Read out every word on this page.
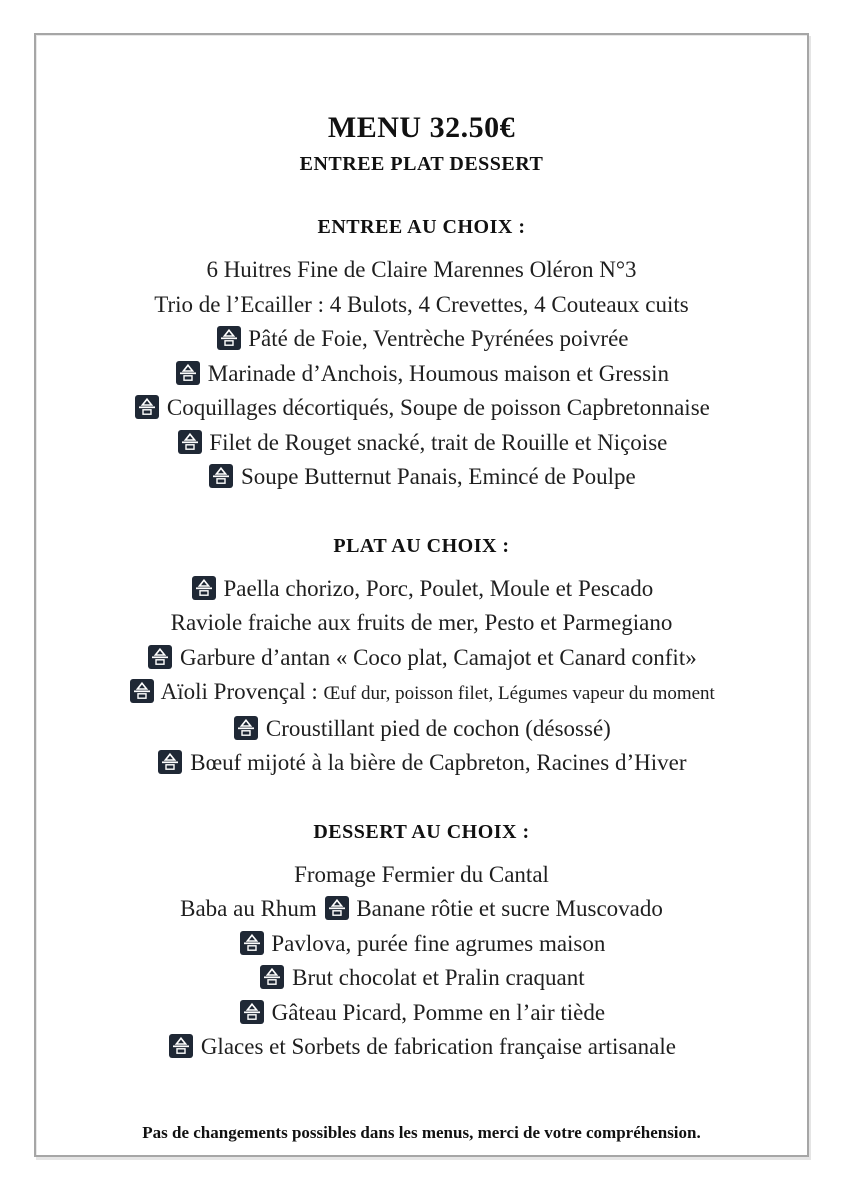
MENU 32.50€
ENTREE PLAT DESSERT
ENTREE AU CHOIX :

6 Huitres Fine de Claire Marennes Oléron N°3

Trio de l’Ecailler : 4 Bulots, 4 Crevettes, 4 Couteaux cuits

Pâté de Foie, Ventrèche Pyrénées poivrée

Marinade d’Anchois, Houmous maison et Gressin

Coquillages décortiqués, Soupe de poisson Capbretonnaise

Filet de Rouget snacké, trait de Rouille et Niçoise

Soupe Butternut Panais, Emincé de Poulpe

PLAT AU CHOIX :

Paella chorizo, Porc, Poulet, Moule et Pescado

Raviole fraiche aux fruits de mer, Pesto et Parmegiano

Garbure d’antan « Coco plat, Camajot et Canard confit»

Aïoli Provençal : Œuf dur, poisson filet, Légumes vapeur du moment

Croustillant pied de cochon (désossé)

Bœuf mijoté à la bière de Capbreton, Racines d’Hiver

DESSERT AU CHOIX :

Fromage Fermier du Cantal

Baba au Rhum
Banane rôtie et sucre Muscovado

Pavlova, purée fine agrumes maison

Brut chocolat et Pralin craquant

Gâteau Picard, Pomme en l’air tiède

Glaces et Sorbets de fabrication française artisanale

Pas de changements possibles dans les menus, merci de votre compréhension.
